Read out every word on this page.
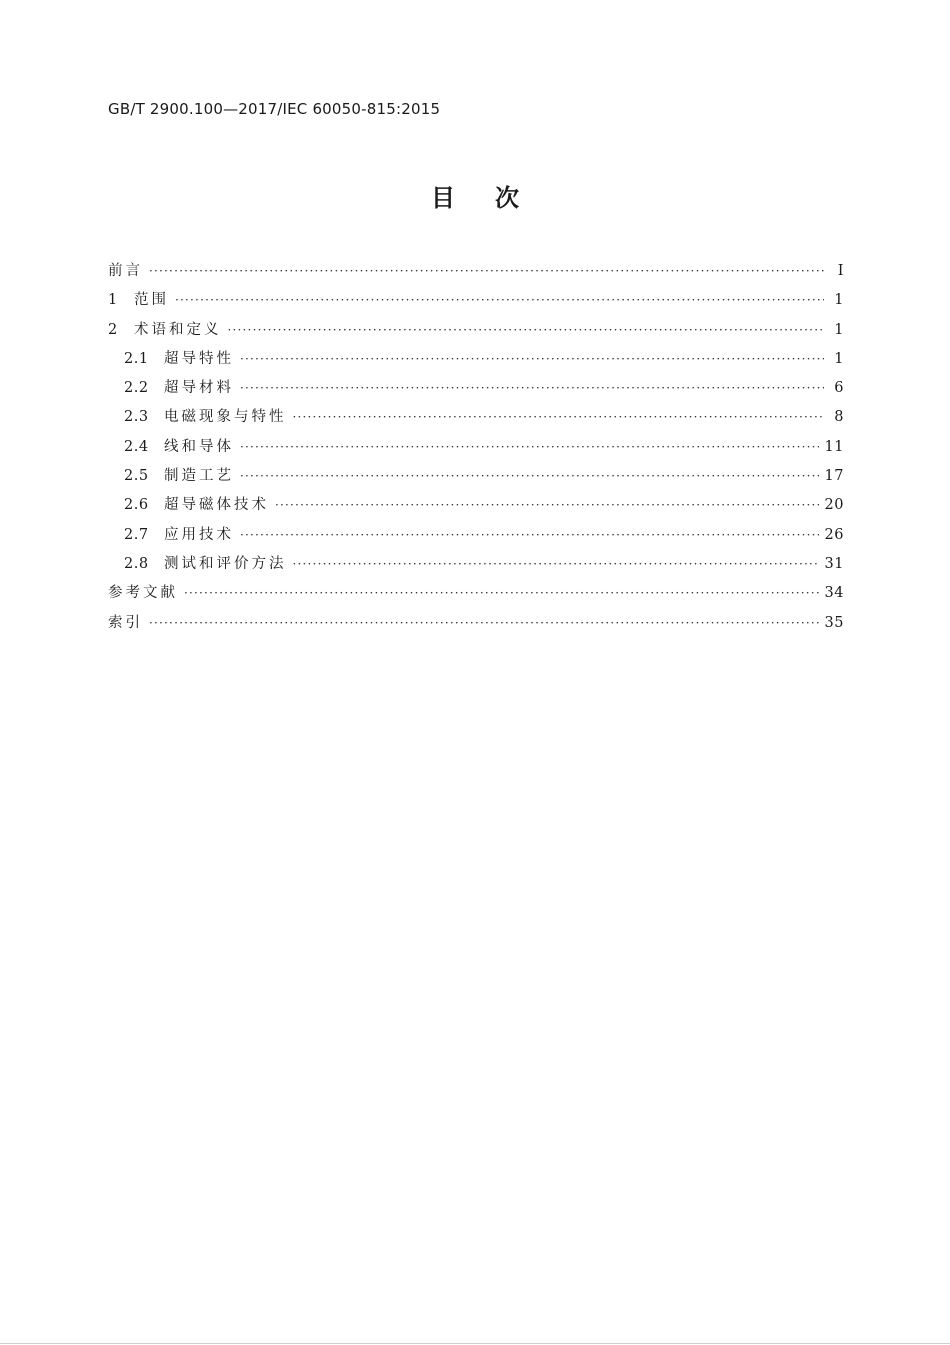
GB/T 2900.100—2017/IEC 60050-815:2015
目次
前言 ·····	Ⅰ
1	范围 ·····	1
2	术语和定义 ·····	1
2.1	超导特性 ·····	1
2.2	超导材料 ·····	6
2.3	电磁现象与特性 ·····	8
2.4	线和导体 ·····	11
2.5	制造工艺 ·····	17
2.6	超导磁体技术 ·····	20
2.7	应用技术 ·····	26
2.8	测试和评价方法 ·····	31
参考文献 ·····	34
索引 ·····	35
